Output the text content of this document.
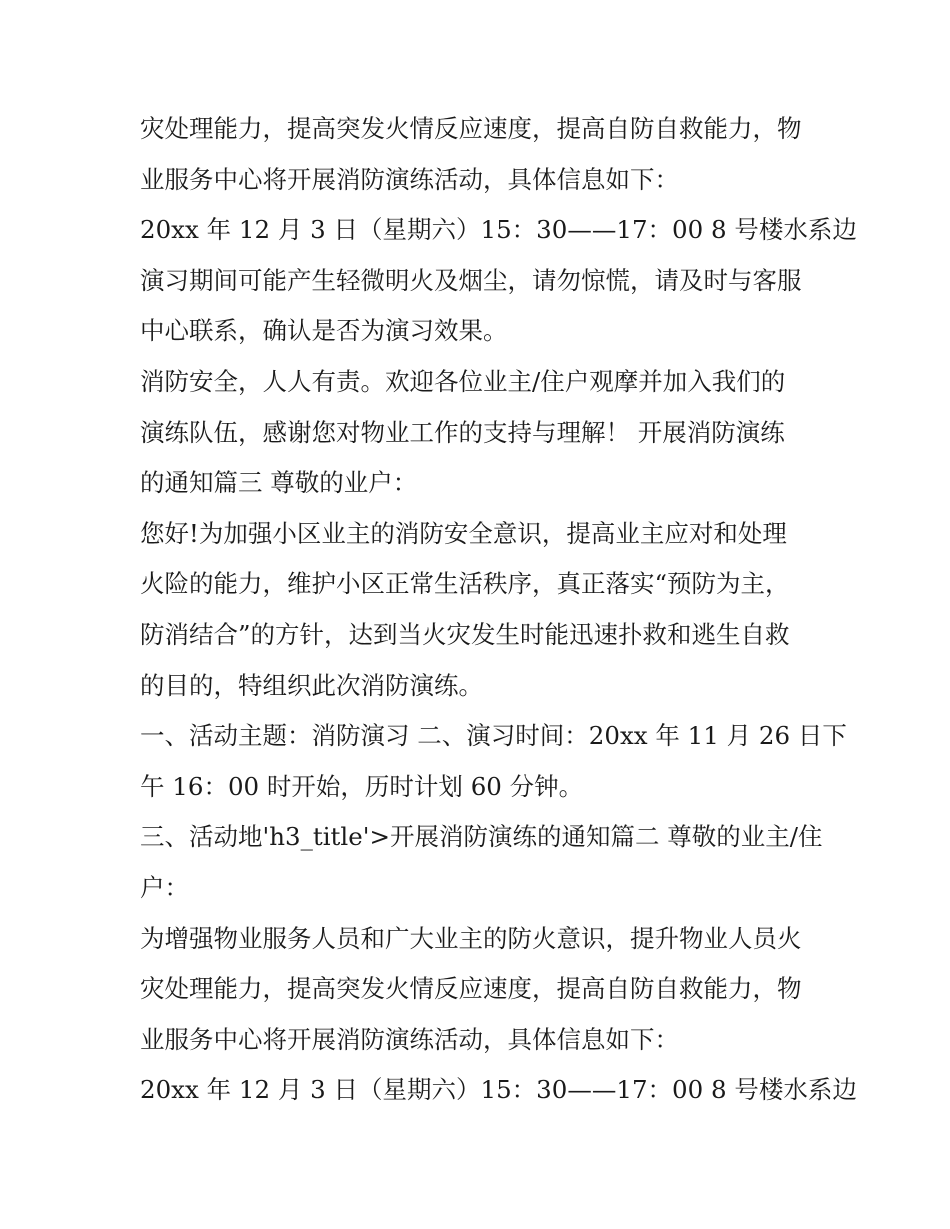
灾处理能力，提高突发火情反应速度，提高自防自救能力，物
业服务中心将开展消防演练活动，具体信息如下：
20xx 年 12 月 3 日（星期六）15：30——17：00 8 号楼水系边
演习期间可能产生轻微明火及烟尘，请勿惊慌，请及时与客服
中心联系，确认是否为演习效果。
消防安全，人人有责。欢迎各位业主/住户观摩并加入我们的
演练队伍，感谢您对物业工作的支持与理解！ 开展消防演练
的通知篇三 尊敬的业户：
您好!为加强小区业主的消防安全意识，提高业主应对和处理
火险的能力，维护小区正常生活秩序，真正落实“预防为主，
防消结合”的方针，达到当火灾发生时能迅速扑救和逃生自救
的目的，特组织此次消防演练。
一、活动主题：消防演习 二、演习时间：20xx 年 11 月 26 日下
午 16：00 时开始，历时计划 60 分钟。
三、活动地'h3_title'>开展消防演练的通知篇二 尊敬的业主/住
户：
为增强物业服务人员和广大业主的防火意识，提升物业人员火
灾处理能力，提高突发火情反应速度，提高自防自救能力，物
业服务中心将开展消防演练活动，具体信息如下：
20xx 年 12 月 3 日（星期六）15：30——17：00 8 号楼水系边
